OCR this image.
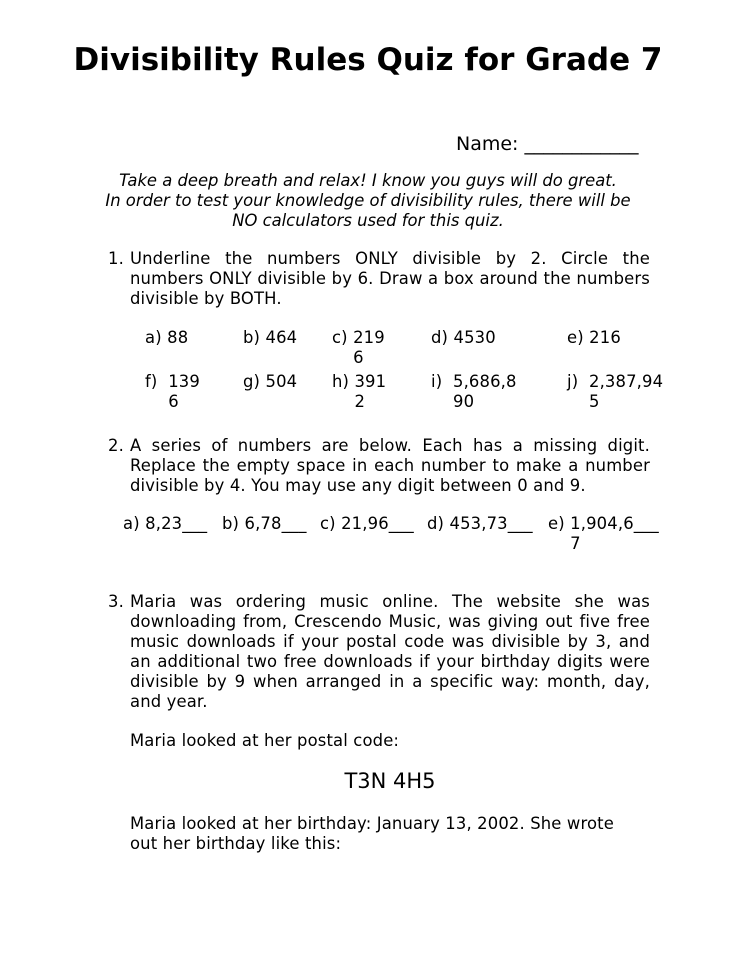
Divisibility Rules Quiz for Grade 7
Name: ____________
Take a deep breath and relax! I know you guys will do great.
In order to test your knowledge of divisibility rules, there will be
NO calculators used for this quiz.
1. Underline the numbers ONLY divisible by 2. Circle the numbers ONLY divisible by 6. Draw a box around the numbers divisible by BOTH.
a)
88	b)
464 c)
2196
d)
4530	e)
216
f)
1396
g)
504 h)
3912
i)
5,686,890
j)
2,387,945
2. A series of numbers are below. Each has a missing digit. Replace the empty space in each number to make a number divisible by 4. You may use any digit between 0 and 9.
a)
8,23___ b)
6,78___ c)
21,96___ d)
453,73___ e)
1,904,6___7
3. Maria was ordering music online. The website she was downloading from, Crescendo Music, was giving out five free music downloads if your postal code was divisible by 3, and an additional two free downloads if your birthday digits were divisible by 9 when arranged in a specific way: month, day, and year.
Maria looked at her postal code:
T3N 4H5
Maria looked at her birthday: January 13, 2002. She wrote out her birthday like this:
